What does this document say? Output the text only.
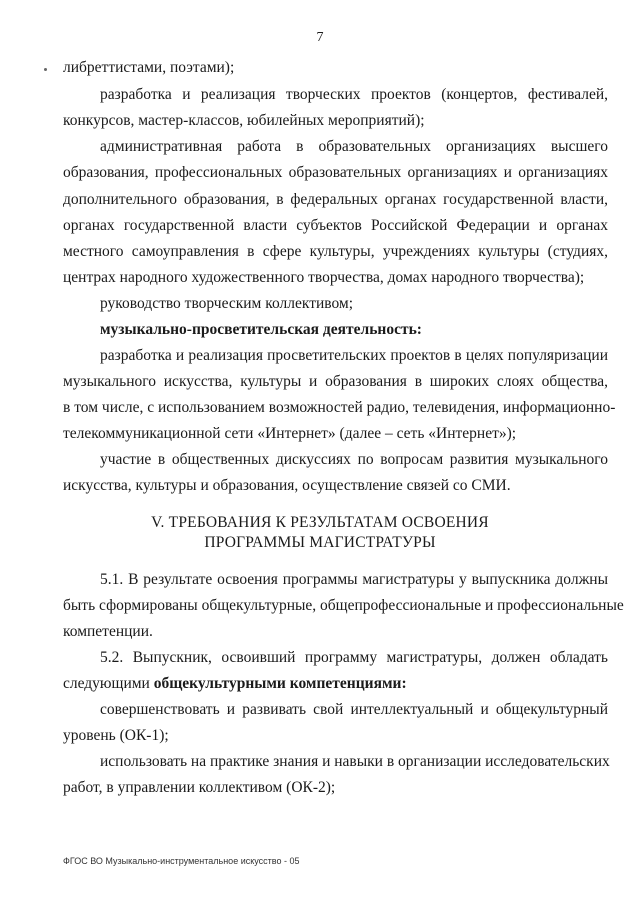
7
либреттистами, поэтами);
разработка и реализация творческих проектов (концертов, фестивалей,
конкурсов, мастер-классов, юбилейных мероприятий);
административная работа в образовательных организациях высшего
образования, профессиональных образовательных организациях и организациях
дополнительного образования, в федеральных органах государственной власти,
органах государственной власти субъектов Российской Федерации и органах
местного самоуправления в сфере культуры, учреждениях культуры (студиях,
центрах народного художественного творчества, домах народного творчества);
руководство творческим коллективом;
музыкально-просветительская деятельность:
разработка и реализация просветительских проектов в целях популяризации
музыкального искусства, культуры и образования в широких слоях общества,
в том числе, с использованием возможностей радио, телевидения, информационно-
телекоммуникационной сети «Интернет» (далее – сеть «Интернет»);
участие в общественных дискуссиях по вопросам развития музыкального
искусства, культуры и образования, осуществление связей со СМИ.
V. ТРЕБОВАНИЯ К РЕЗУЛЬТАТАМ ОСВОЕНИЯ
ПРОГРАММЫ МАГИСТРАТУРЫ
5.1. В результате освоения программы магистратуры у выпускника должны
быть сформированы общекультурные, общепрофессиональные и профессиональные
компетенции.
5.2. Выпускник, освоивший программу магистратуры, должен обладать
следующими общекультурными компетенциями:
совершенствовать и развивать свой интеллектуальный и общекультурный
уровень (ОК-1);
использовать на практике знания и навыки в организации исследовательских
работ, в управлении коллективом (ОК-2);
ФГОС ВО Музыкально-инструментальное искусство - 05
